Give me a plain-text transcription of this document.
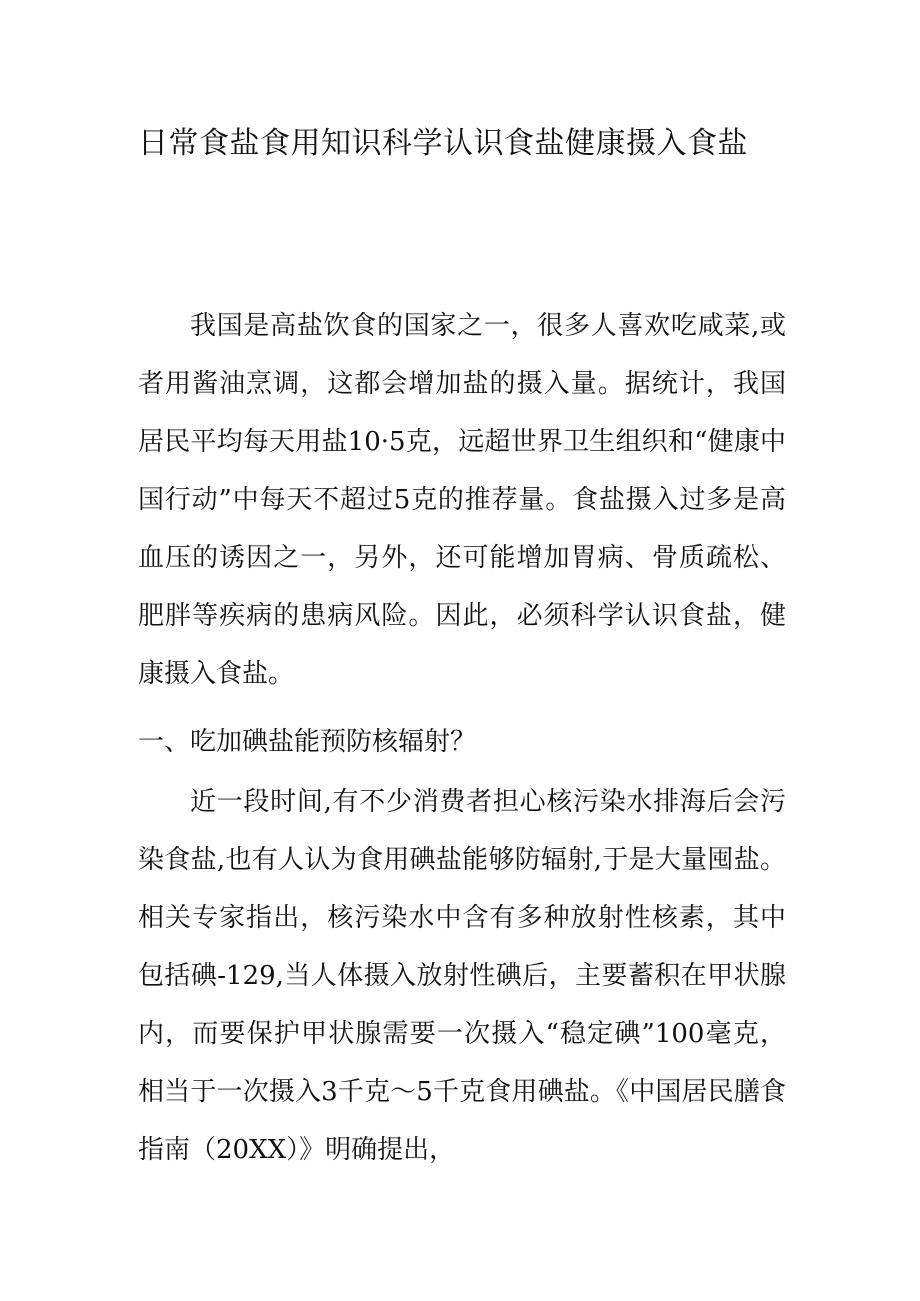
日常食盐食用知识科学认识食盐健康摄入食盐

我国是高盐饮食的国家之一，很多人喜欢吃咸菜,或者用酱油烹调，这都会增加盐的摄入量。据统计，我国居民平均每天用盐10·5克，远超世界卫生组织和“健康中国行动”中每天不超过5克的推荐量。食盐摄入过多是高血压的诱因之一，另外，还可能增加胃病、骨质疏松、肥胖等疾病的患病风险。因此，必须科学认识食盐，健康摄入食盐。

一、吃加碘盐能预防核辐射？

近一段时间,有不少消费者担心核污染水排海后会污染食盐,也有人认为食用碘盐能够防辐射,于是大量囤盐。相关专家指出，核污染水中含有多种放射性核素，其中包括碘-129,当人体摄入放射性碘后，主要蓄积在甲状腺内，而要保护甲状腺需要一次摄入“稳定碘”100毫克，相当于一次摄入3千克～5千克食用碘盐。《中国居民膳食指南（20XX）》明确提出，
